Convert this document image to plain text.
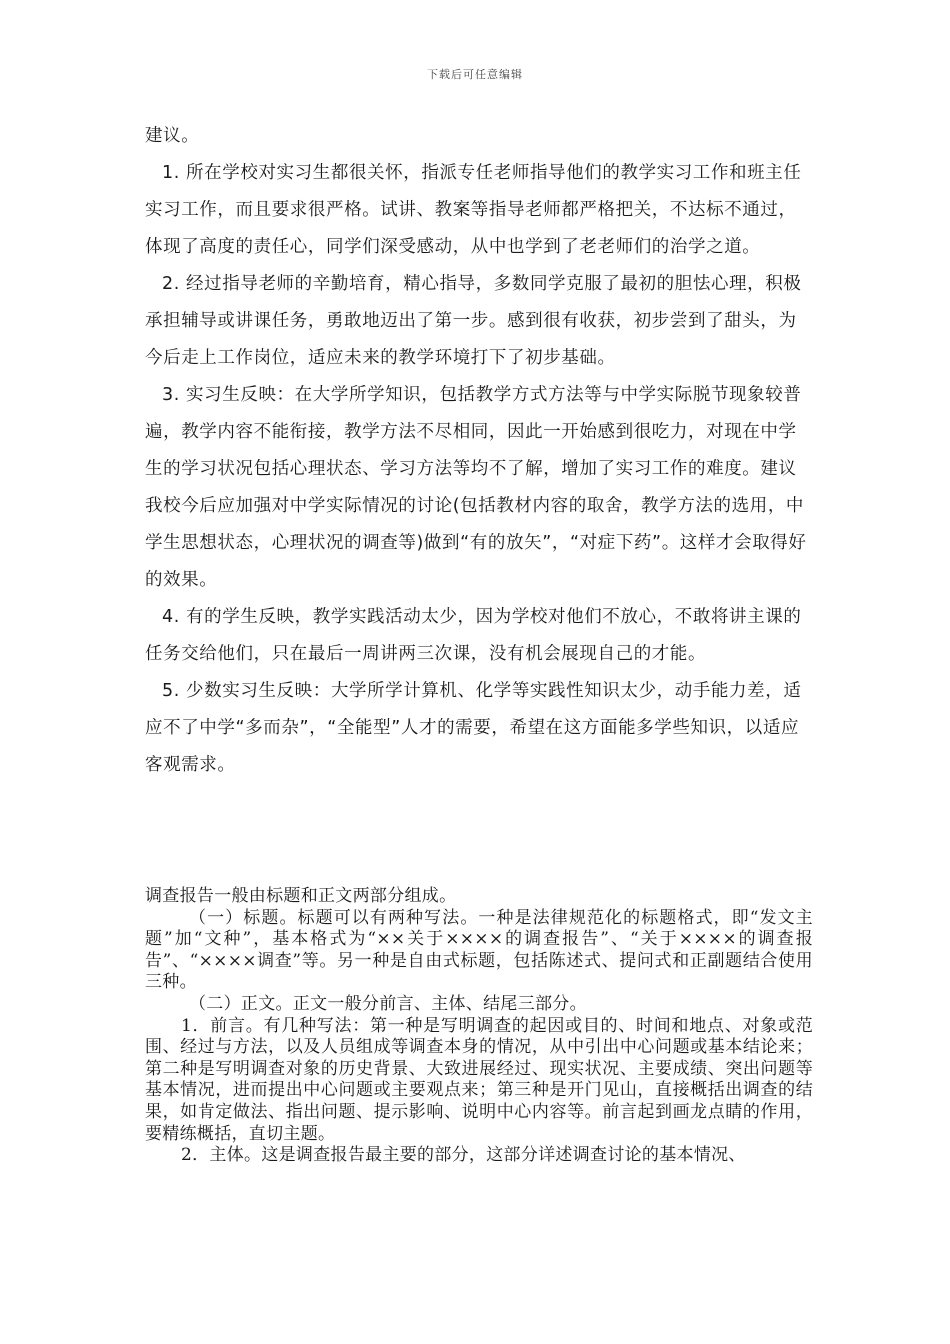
下载后可任意编辑

建议。

1. 所在学校对实习生都很关怀，指派专任老师指导他们的教学实习工作和班主任实习工作，而且要求很严格。试讲、教案等指导老师都严格把关，不达标不通过，体现了高度的责任心，同学们深受感动，从中也学到了老老师们的治学之道。

2. 经过指导老师的辛勤培育，精心指导，多数同学克服了最初的胆怯心理，积极承担辅导或讲课任务，勇敢地迈出了第一步。感到很有收获，初步尝到了甜头，为今后走上工作岗位，适应未来的教学环境打下了初步基础。

3. 实习生反映：在大学所学知识，包括教学方式方法等与中学实际脱节现象较普遍，教学内容不能衔接，教学方法不尽相同，因此一开始感到很吃力，对现在中学生的学习状况包括心理状态、学习方法等均不了解，增加了实习工作的难度。建议我校今后应加强对中学实际情况的讨论(包括教材内容的取舍，教学方法的选用，中学生思想状态，心理状况的调查等)做到“有的放矢”，“对症下药”。这样才会取得好的效果。

4. 有的学生反映，教学实践活动太少，因为学校对他们不放心，不敢将讲主课的任务交给他们，只在最后一周讲两三次课，没有机会展现自己的才能。

5. 少数实习生反映：大学所学计算机、化学等实践性知识太少，动手能力差，适应不了中学“多而杂”，“全能型”人才的需要，希望在这方面能多学些知识，以适应客观需求。

调查报告一般由标题和正文两部分组成。

（一）标题。标题可以有两种写法。一种是法律规范化的标题格式，即“发文主题”加“文种”，基本格式为“××关于××××的调查报告”、“关于××××的调查报告”、“××××调查”等。另一种是自由式标题，包括陈述式、提问式和正副题结合使用三种。

（二）正文。正文一般分前言、主体、结尾三部分。

1．前言。有几种写法：第一种是写明调查的起因或目的、时间和地点、对象或范围、经过与方法，以及人员组成等调查本身的情况，从中引出中心问题或基本结论来；第二种是写明调查对象的历史背景、大致进展经过、现实状况、主要成绩、突出问题等基本情况，进而提出中心问题或主要观点来；第三种是开门见山，直接概括出调查的结果，如肯定做法、指出问题、提示影响、说明中心内容等。前言起到画龙点睛的作用，要精练概括，直切主题。

2．主体。这是调查报告最主要的部分，这部分详述调查讨论的基本情况、
